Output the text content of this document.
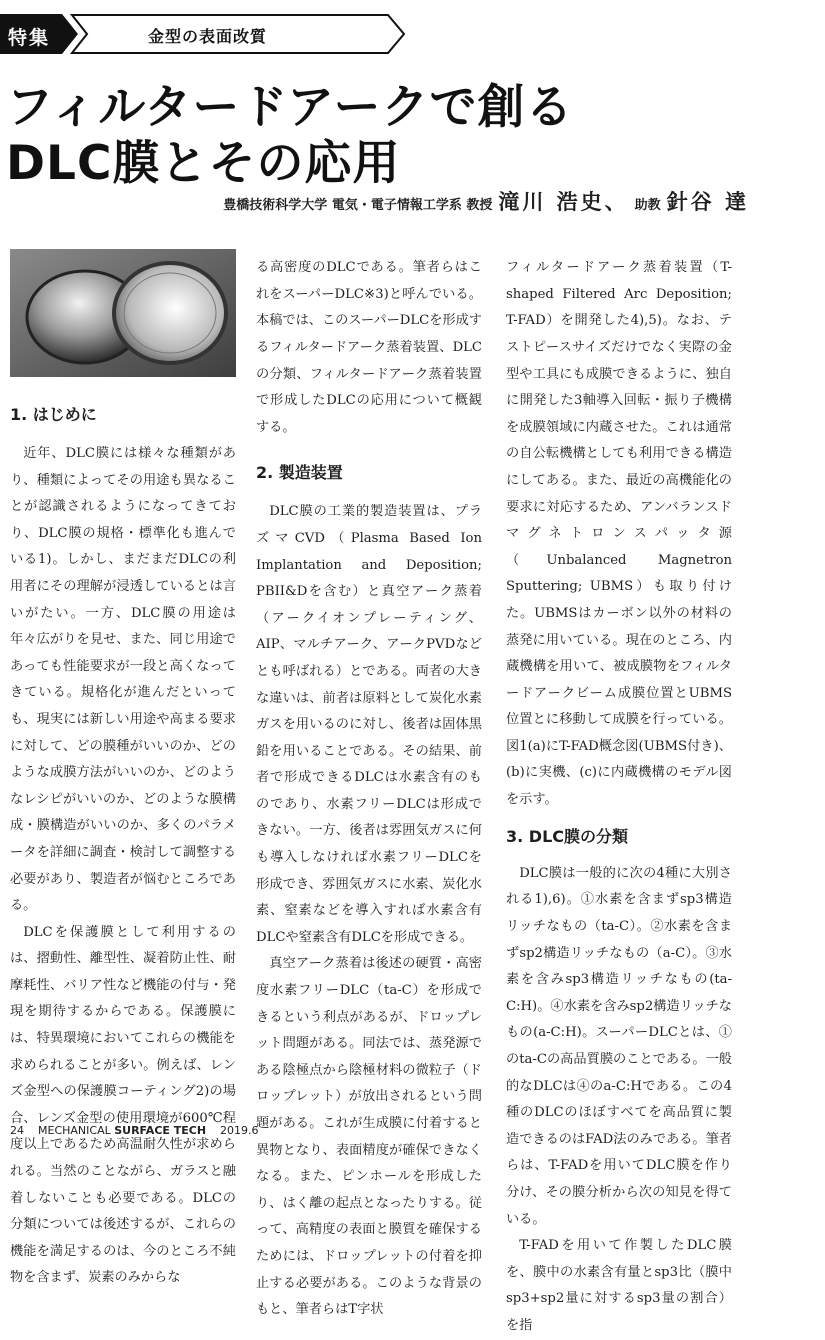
特集	金型の表面改質
フィルタードアークで創る
DLC膜とその応用
豊橋技術科学大学 電気・電子情報工学系 教授 滝川 浩史、 助教 針谷 達
1. はじめに

近年、DLC膜には様々な種類があり、種類によってその用途も異なることが認識されるようになってきており、DLC膜の規格・標準化も進んでいる1)。しかし、まだまだDLCの利用者にその理解が浸透しているとは言いがたい。一方、DLC膜の用途は年々広がりを見せ、また、同じ用途であっても性能要求が一段と高くなってきている。規格化が進んだといっても、現実には新しい用途や高まる要求に対して、どの膜種がいいのか、どのような成膜方法がいいのか、どのようなレシピがいいのか、どのような膜構成・膜構造がいいのか、多くのパラメータを詳細に調査・検討して調整する必要があり、製造者が悩むところである。

DLCを保護膜として利用するのは、摺動性、離型性、凝着防止性、耐摩耗性、バリア性など機能の付与・発現を期待するからである。保護膜には、特異環境においてこれらの機能を求められることが多い。例えば、レンズ金型への保護膜コーティング2)の場合、レンズ金型の使用環境が600℃程度以上であるため高温耐久性が求められる。当然のことながら、ガラスと融着しないことも必要である。DLCの分類については後述するが、これらの機能を満足するのは、今のところ不純物を含まず、炭素のみからな

る高密度のDLCである。筆者らはこれをスーパーDLC※3)と呼んでいる。本稿では、このスーパーDLCを形成するフィルタードアーク蒸着装置、DLCの分類、フィルタードアーク蒸着装置で形成したDLCの応用について概観する。

2. 製造装置

DLC膜の工業的製造装置は、プラズマCVD（Plasma Based Ion Implantation and Deposition; PBII&Dを含む）と真空アーク蒸着（アークイオンプレーティング、AIP、マルチアーク、アークPVDなどとも呼ばれる）とである。両者の大きな違いは、前者は原料として炭化水素ガスを用いるのに対し、後者は固体黒鉛を用いることである。その結果、前者で形成できるDLCは水素含有のものであり、水素フリーDLCは形成できない。一方、後者は雰囲気ガスに何も導入しなければ水素フリーDLCを形成でき、雰囲気ガスに水素、炭化水素、窒素などを導入すれば水素含有DLCや窒素含有DLCを形成できる。

真空アーク蒸着は後述の硬質・高密度水素フリーDLC（ta-C）を形成できるという利点があるが、ドロップレット問題がある。同法では、蒸発源である陰極点から陰極材料の微粒子（ドロップレット）が放出されるという問題がある。これが生成膜に付着すると異物となり、表面精度が確保できなくなる。また、ピンホールを形成したり、はく離の起点となったりする。従って、高精度の表面と膜質を確保するためには、ドロップレットの付着を抑止する必要がある。このような背景のもと、筆者らはT字状

フィルタードアーク蒸着装置（T-shaped Filtered Arc Deposition; T-FAD）を開発した4),5)。なお、テストピースサイズだけでなく実際の金型や工具にも成膜できるように、独自に開発した3軸導入回転・振り子機構を成膜領域に内蔵させた。これは通常の自公転機構としても利用できる構造にしてある。また、最近の高機能化の要求に対応するため、アンバランスドマグネトロンスパッタ源（Unbalanced Magnetron Sputtering; UBMS）も取り付けた。UBMSはカーボン以外の材料の蒸発に用いている。現在のところ、内蔵機構を用いて、被成膜物をフィルタードアークビーム成膜位置とUBMS位置とに移動して成膜を行っている。図1(a)にT-FAD概念図(UBMS付き)、(b)に実機、(c)に内蔵機構のモデル図を示す。

3. DLC膜の分類

DLC膜は一般的に次の4種に大別される1),6)。①水素を含まずsp3構造リッチなもの（ta-C）。②水素を含まずsp2構造リッチなもの（a-C）。③水素を含みsp3構造リッチなもの(ta-C:H)。④水素を含みsp2構造リッチなもの(a-C:H)。スーパーDLCとは、①のta-Cの高品質膜のことである。一般的なDLCは④のa-C:Hである。この4種のDLCのほぼすべてを高品質に製造できるのはFAD法のみである。筆者らは、T-FADを用いてDLC膜を作り分け、その膜分析から次の知見を得ている。

T-FADを用いて作製したDLC膜を、膜中の水素含有量とsp3比（膜中sp3+sp2量に対するsp3量の割合）を指

24 MECHANICAL SURFACE TECH 2019.6
